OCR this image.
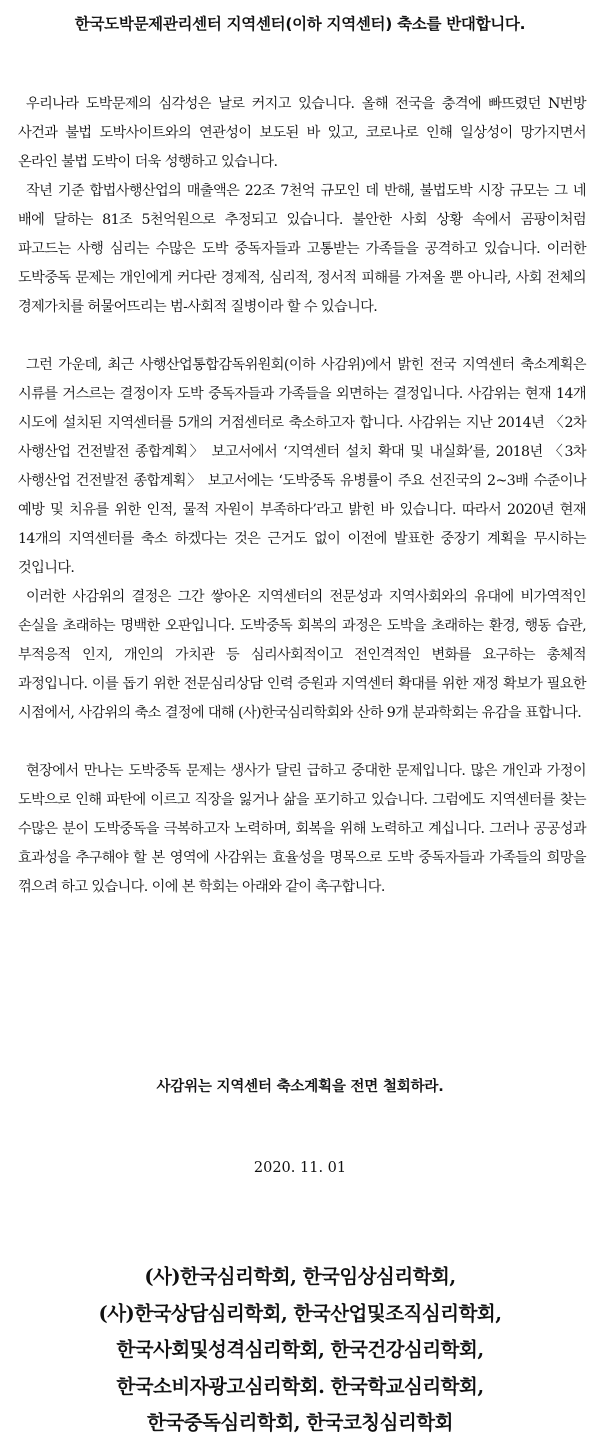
한국도박문제관리센터 지역센터(이하 지역센터) 축소를 반대합니다.

우리나라 도박문제의 심각성은 날로 커지고 있습니다. 올해 전국을 충격에 빠뜨렸던 N번방 사건과 불법 도박사이트와의 연관성이 보도된 바 있고, 코로나로 인해 일상성이 망가지면서 온라인 불법 도박이 더욱 성행하고 있습니다.

작년 기준 합법사행산업의 매출액은 22조 7천억 규모인 데 반해, 불법도박 시장 규모는 그 네 배에 달하는 81조 5천억원으로 추정되고 있습니다. 불안한 사회 상황 속에서 곰팡이처럼 파고드는 사행 심리는 수많은 도박 중독자들과 고통받는 가족들을 공격하고 있습니다. 이러한 도박중독 문제는 개인에게 커다란 경제적, 심리적, 정서적 피해를 가져올 뿐 아니라, 사회 전체의 경제가치를 허물어뜨리는 범-사회적 질병이라 할 수 있습니다.

그런 가운데, 최근 사행산업통합감독위원회(이하 사감위)에서 밝힌 전국 지역센터 축소계획은 시류를 거스르는 결정이자 도박 중독자들과 가족들을 외면하는 결정입니다. 사감위는 현재 14개 시도에 설치된 지역센터를 5개의 거점센터로 축소하고자 합니다. 사감위는 지난 2014년 〈2차 사행산업 건전발전 종합계획〉 보고서에서 ‘지역센터 설치 확대 및 내실화’를, 2018년 〈3차 사행산업 건전발전 종합계획〉 보고서에는 ‘도박중독 유병률이 주요 선진국의 2~3배 수준이나 예방 및 치유를 위한 인적, 물적 자원이 부족하다’라고 밝힌 바 있습니다. 따라서 2020년 현재 14개의 지역센터를 축소 하겠다는 것은 근거도 없이 이전에 발표한 중장기 계획을 무시하는 것입니다.

이러한 사감위의 결정은 그간 쌓아온 지역센터의 전문성과 지역사회와의 유대에 비가역적인 손실을 초래하는 명백한 오판입니다. 도박중독 회복의 과정은 도박을 초래하는 환경, 행동 습관, 부적응적 인지, 개인의 가치관 등 심리사회적이고 전인격적인 변화를 요구하는 총체적 과정입니다. 이를 돕기 위한 전문심리상담 인력 증원과 지역센터 확대를 위한 재정 확보가 필요한 시점에서, 사감위의 축소 결정에 대해 (사)한국심리학회와 산하 9개 분과학회는 유감을 표합니다.

현장에서 만나는 도박중독 문제는 생사가 달린 급하고 중대한 문제입니다. 많은 개인과 가정이 도박으로 인해 파탄에 이르고 직장을 잃거나 삶을 포기하고 있습니다. 그럼에도 지역센터를 찾는 수많은 분이 도박중독을 극복하고자 노력하며, 회복을 위해 노력하고 계십니다. 그러나 공공성과 효과성을 추구해야 할 본 영역에 사감위는 효율성을 명목으로 도박 중독자들과 가족들의 희망을 꺾으려 하고 있습니다. 이에 본 학회는 아래와 같이 촉구합니다.

사감위는 지역센터 축소계획을 전면 철회하라.
2020. 11. 01
(사)한국심리학회, 한국임상심리학회,
(사)한국상담심리학회, 한국산업및조직심리학회,
한국사회및성격심리학회, 한국건강심리학회,
한국소비자광고심리학회. 한국학교심리학회,
한국중독심리학회, 한국코칭심리학회
